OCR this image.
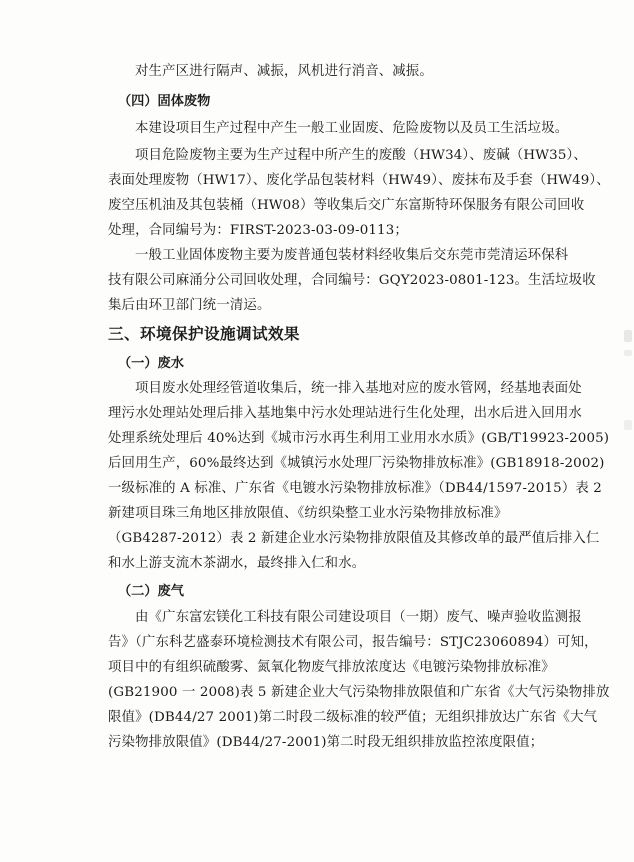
对生产区进行隔声、减振，风机进行消音、减振。
（四）固体废物
本建设项目生产过程中产生一般工业固废、危险废物以及员工生活垃圾。
项目危险废物主要为生产过程中所产生的废酸（HW34）、废碱（HW35）、
表面处理废物（HW17）、废化学品包装材料（HW49）、废抹布及手套（HW49）、
废空压机油及其包装桶（HW08）等收集后交广东富斯特环保服务有限公司回收
处理，合同编号为：FIRST-2023-03-09-0113；
一般工业固体废物主要为废普通包装材料经收集后交东莞市莞清运环保科
技有限公司麻涌分公司回收处理，合同编号：GQY2023-0801-123。生活垃圾收
集后由环卫部门统一清运。
三、环境保护设施调试效果
（一）废水
项目废水处理经管道收集后，统一排入基地对应的废水管网，经基地表面处
理污水处理站处理后排入基地集中污水处理站进行生化处理，出水后进入回用水
处理系统处理后 40%达到《城市污水再生利用工业用水水质》(GB/T19923-2005)
后回用生产，60%最终达到《城镇污水处理厂污染物排放标准》(GB18918-2002)
一级标准的 A 标准、广东省《电镀水污染物排放标准》（DB44/1597-2015）表 2
新建项目珠三角地区排放限值、《纺织染整工业水污染物排放标准》
（GB4287-2012）表 2 新建企业水污染物排放限值及其修改单的最严值后排入仁
和水上游支流木茶湖水，最终排入仁和水。
（二）废气
由《广东富宏镁化工科技有限公司建设项目（一期）废气、噪声验收监测报
告》（广东科艺盛泰环境检测技术有限公司，报告编号：STJC23060894）可知，
项目中的有组织硫酸雾、氮氧化物废气排放浓度达《电镀污染物排放标准》
(GB21900 一 2008)表 5 新建企业大气污染物排放限值和广东省《大气污染物排放
限值》(DB44/27 2001)第二时段二级标准的较严值；无组织排放达广东省《大气
污染物排放限值》(DB44/27-2001)第二时段无组织排放监控浓度限值；
